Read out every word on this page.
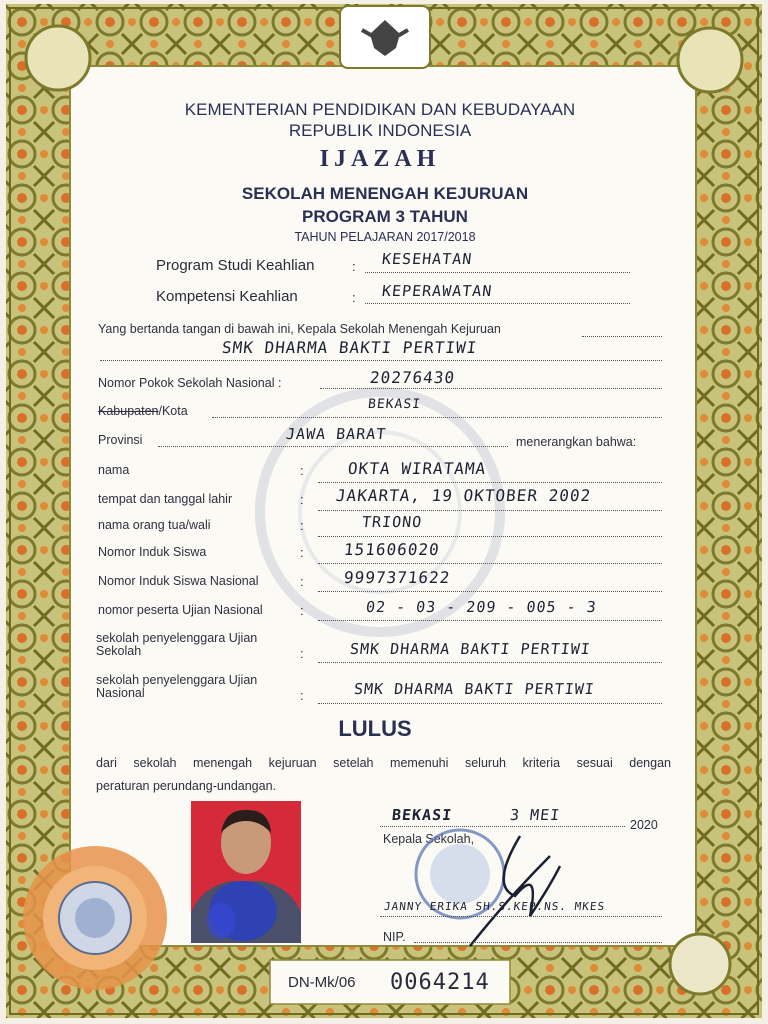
KEMENTERIAN PENDIDIKAN DAN KEBUDAYAAN
REPUBLIK INDONESIA
IJAZAH
SEKOLAH MENENGAH KEJURUAN
PROGRAM 3 TAHUN
TAHUN PELAJARAN 2017/2018
Program Studi Keahlian	: KESEHATAN
Kompetensi Keahlian	: KEPERAWATAN
Yang bertanda tangan di bawah ini, Kepala Sekolah Menengah Kejuruan
SMK DHARMA BAKTI PERTIWI
Nomor Pokok Sekolah Nasional :	20276430
Kabupaten/Kota	BEKASI
Provinsi	JAWA BARAT	menerangkan bahwa:
nama	:	OKTA WIRATAMA
tempat dan tanggal lahir	: JAKARTA, 19 OKTOBER 2002
nama orang tua/wali	:	TRIONO
Nomor Induk Siswa	: 151606020
Nomor Induk Siswa Nasional	: 9997371622
nomor peserta Ujian Nasional	:	02 - 03 - 209 - 005 - 3
sekolah penyelenggara Ujian
Sekolah	:	SMK DHARMA BAKTI PERTIWI
sekolah penyelenggara Ujian
Nasional	:	SMK DHARMA BAKTI PERTIWI
LULUS
dari sekolah menengah kejuruan setelah memenuhi seluruh kriteria sesuai dengan
peraturan perundang-undangan.
BEKASI	3 MEI
2020
Kepala Sekolah,
JANNY ERIKA SH.S.KEP.NS. MKES
NIP.
DN-Mk/06 0064214
